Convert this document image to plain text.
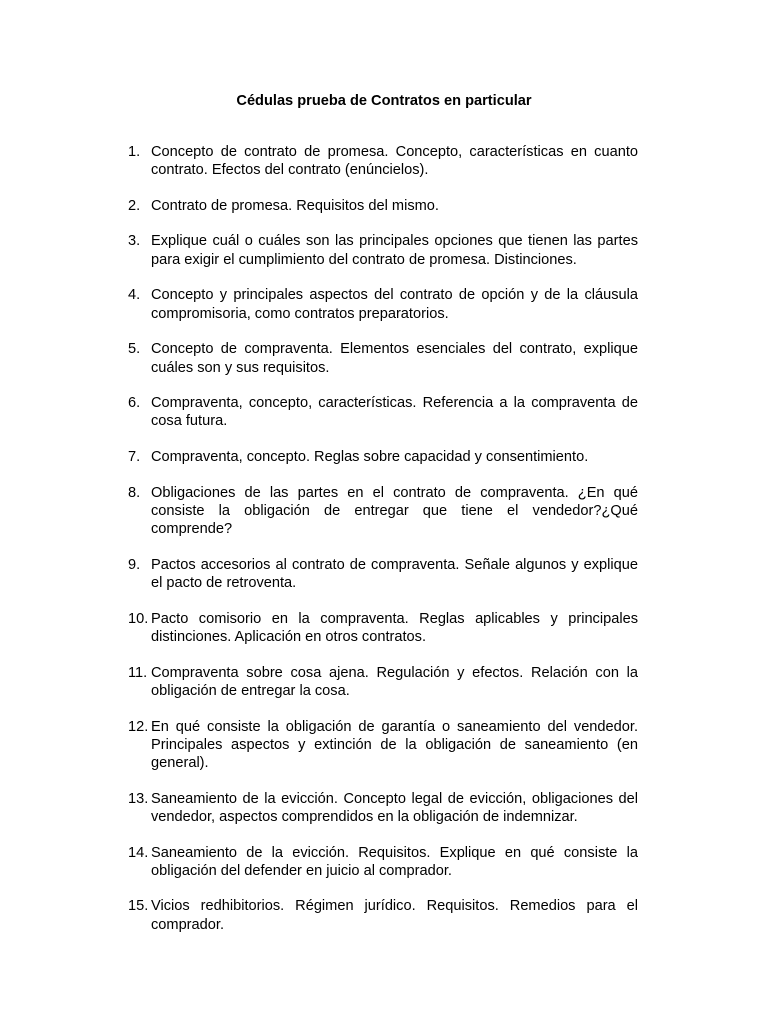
Cédulas prueba de Contratos en particular
1. Concepto de contrato de promesa. Concepto, características en cuanto contrato. Efectos del contrato (enúncielos).
2. Contrato de promesa. Requisitos del mismo.
3. Explique cuál o cuáles son las principales opciones que tienen las partes para exigir el cumplimiento del contrato de promesa. Distinciones.
4. Concepto y principales aspectos del contrato de opción y de la cláusula compromisoria, como contratos preparatorios.
5. Concepto de compraventa. Elementos esenciales del contrato, explique cuáles son y sus requisitos.
6. Compraventa, concepto, características. Referencia a la compraventa de cosa futura.
7. Compraventa, concepto. Reglas sobre capacidad y consentimiento.
8. Obligaciones de las partes en el contrato de compraventa. ¿En qué consiste la obligación de entregar que tiene el vendedor?¿Qué comprende?
9. Pactos accesorios al contrato de compraventa. Señale algunos y explique el pacto de retroventa.
10. Pacto comisorio en la compraventa. Reglas aplicables y principales distinciones. Aplicación en otros contratos.
11. Compraventa sobre cosa ajena. Regulación y efectos. Relación con la obligación de entregar la cosa.
12. En qué consiste la obligación de garantía o saneamiento del vendedor. Principales aspectos y extinción de la obligación de saneamiento (en general).
13. Saneamiento de la evicción. Concepto legal de evicción, obligaciones del vendedor, aspectos comprendidos en la obligación de indemnizar.
14. Saneamiento de la evicción. Requisitos. Explique en qué consiste la obligación del defender en juicio al comprador.
15. Vicios redhibitorios. Régimen jurídico. Requisitos. Remedios para el comprador.
